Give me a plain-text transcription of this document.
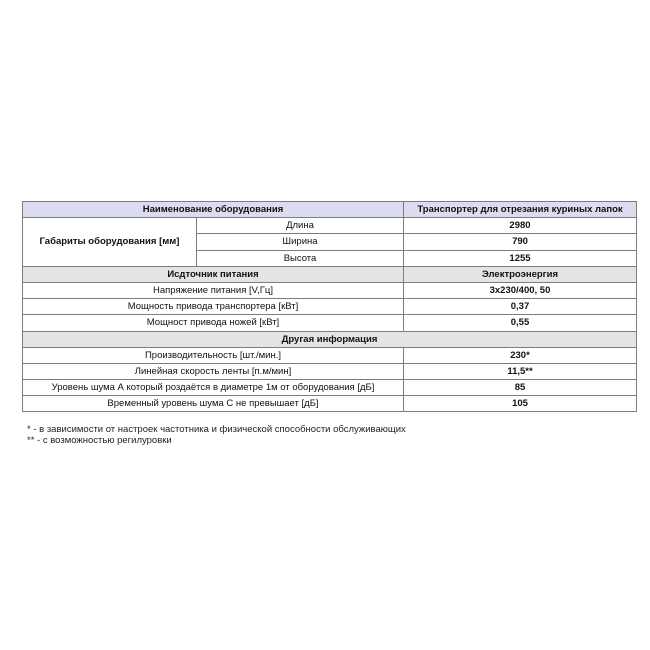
Наименование оборудования		Транспортер для отрезания куриных лапок
Габариты оборудования [мм]	Длина	2980
	Ширина	790
	Высота	1255
Исдточник питания		Электроэнергия
Напряжение питания [V,Гц]		3x230/400, 50
Мощность привода транспортера [кВт]		0,37
Мощност привода ножей [кВт]		0,55
Другая информация		
Производительность [шт./мин.]		230*
Линейная скорость ленты [п.м/мин]		11,5**
Уровень шума А который роздаётся в диаметре 1м от оборудования [дБ]		85
Временный уровень шума С не превышает [дБ]		105
* - в зависимости от настроек частотника и физической способности обслуживающих
** - с возможностью регилуровки
